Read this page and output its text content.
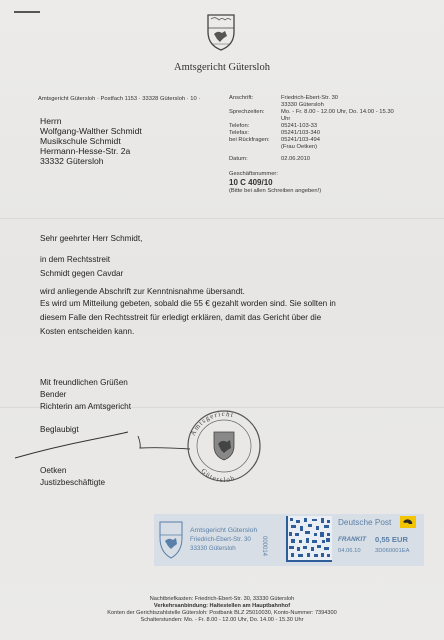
Amtsgericht Gütersloh
Amtsgericht Gütersloh · Postfach 1153 · 33328 Gütersloh · 10 ·
Herrn
Wolfgang-Walther Schmidt
Musikschule Schmidt
Hermann-Hesse-Str. 2a
33332 Gütersloh
Anschrift:	Friedrich-Ebert-Str. 30
33330 Gütersloh
Sprechzeiten:	Mo. - Fr. 8.00 - 12.00 Uhr, Do. 14.00 - 15.30
Uhr
Telefon:	05241-103-33
Telefax:	05241/103-340
bei Rückfragen:	05241/103-494
(Frau Oetken)
Datum:	02.06.2010
Geschäftsnummer:
10 C 409/10
(Bitte bei allen Schreiben angeben!)
Sehr geehrter Herr Schmidt,
in dem Rechtsstreit
Schmidt gegen Cavdar
wird anliegende Abschrift zur Kenntnisnahme übersandt.
Es wird um Mitteilung gebeten, sobald die 55 € gezahlt worden sind. Sie sollten in
diesem Falle den Rechtsstreit für erledigt erklären, damit das Gericht über die
Kosten entscheiden kann.
Mit freundlichen Grüßen
Bender
Richterin am Amtsgericht
Beglaubigt
Oetken
Justizbeschäftigte
Amtsgericht
Gütersloh
Amtsgericht Gütersloh
Friedrich-Ebert-Str. 30
33330 Gütersloh	000014
Deutsche Post
FRANKIT 0,55 EUR
04.06.10 3D060001EA
Nachtbriefkasten: Friedrich-Ebert-Str. 30, 33330 Gütersloh
Verkehrsanbindung: Haltestellen am Hauptbahnhof
Konten der Gerichtszahlstelle Gütersloh: Postbank BLZ 25010030, Konto-Nummer: 7394300
Schalterstunden: Mo. - Fr. 8.00 - 12.00 Uhr, Do. 14.00 - 15.30 Uhr
